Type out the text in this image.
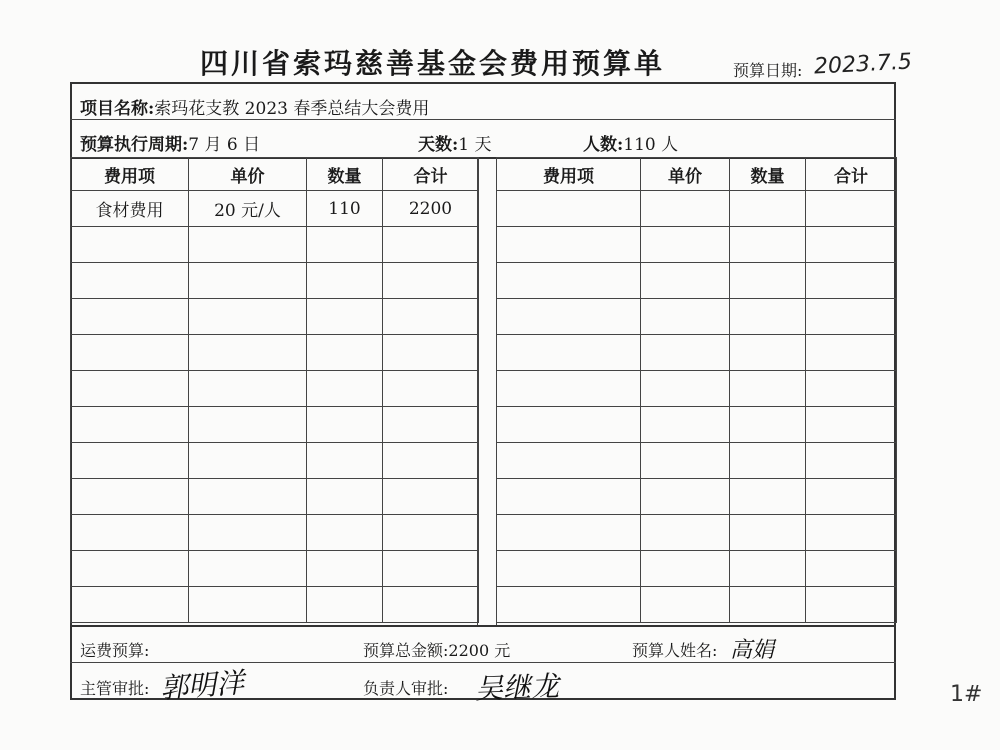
四川省索玛慈善基金会费用预算单	预算日期: 2023.7.5
项目名称:索玛花支教 2023 春季总结大会费用
预算执行周期:7 月 6 日	天数:1 天	人数:110 人
费用项	单价	数量	合计
食材费用	20 元/人	110	2200

费用项	单价	数量	合计

运费预算:	预算总金额:2200 元	预算人姓名: 高娟
主管审批: 郭明洋	负责人审批: 吴继龙	1#
